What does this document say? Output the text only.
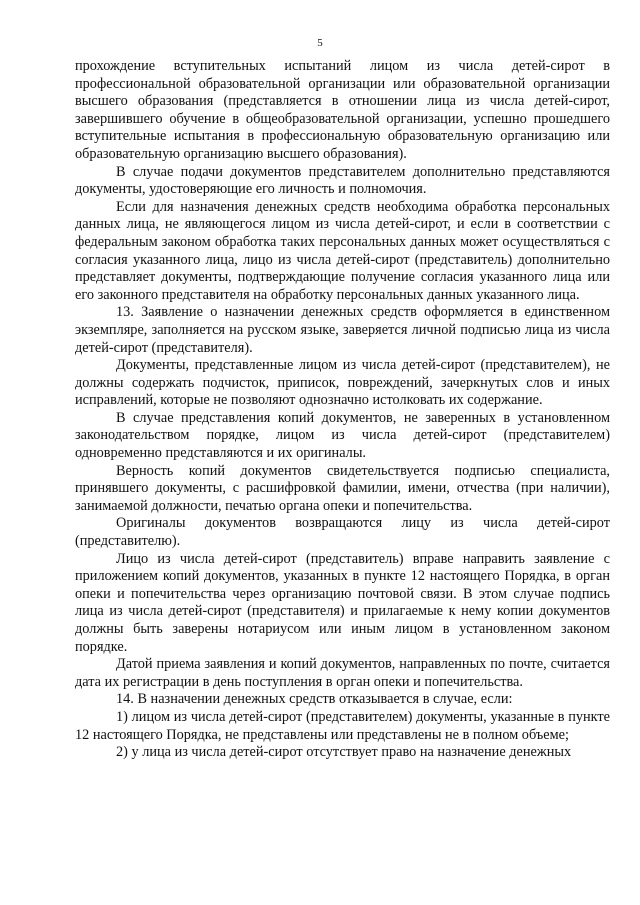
5

прохождение вступительных испытаний лицом из числа детей-сирот в профессиональной образовательной организации или образовательной организации высшего образования (представляется в отношении лица из числа детей-сирот, завершившего обучение в общеобразовательной организации, успешно прошедшего вступительные испытания в профессиональную образовательную организацию или образовательную организацию высшего образования).

В случае подачи документов представителем дополнительно представляются документы, удостоверяющие его личность и полномочия.

Если для назначения денежных средств необходима обработка персональных данных лица, не являющегося лицом из числа детей-сирот, и если в соответствии с федеральным законом обработка таких персональных данных может осуществляться с согласия указанного лица, лицо из числа детей-сирот (представитель) дополнительно представляет документы, подтверждающие получение согласия указанного лица или его законного представителя на обработку персональных данных указанного лица.

13. Заявление о назначении денежных средств оформляется в единственном экземпляре, заполняется на русском языке, заверяется личной подписью лица из числа детей-сирот (представителя).

Документы, представленные лицом из числа детей-сирот (представителем), не должны содержать подчисток, приписок, повреждений, зачеркнутых слов и иных исправлений, которые не позволяют однозначно истолковать их содержание.

В случае представления копий документов, не заверенных в установленном законодательством порядке, лицом из числа детей-сирот (представителем) одновременно представляются и их оригиналы.

Верность копий документов свидетельствуется подписью специалиста, принявшего документы, с расшифровкой фамилии, имени, отчества (при наличии), занимаемой должности, печатью органа опеки и попечительства.

Оригиналы документов возвращаются лицу из числа детей-сирот (представителю).

Лицо из числа детей-сирот (представитель) вправе направить заявление с приложением копий документов, указанных в пункте 12 настоящего Порядка, в орган опеки и попечительства через организацию почтовой связи. В этом случае подпись лица из числа детей-сирот (представителя) и прилагаемые к нему копии документов должны быть заверены нотариусом или иным лицом в установленном законом порядке.

Датой приема заявления и копий документов, направленных по почте, считается дата их регистрации в день поступления в орган опеки и попечительства.

14. В назначении денежных средств отказывается в случае, если:

1) лицом из числа детей-сирот (представителем) документы, указанные в пункте 12 настоящего Порядка, не представлены или представлены не в полном объеме;

2) у лица из числа детей-сирот отсутствует право на назначение денежных
